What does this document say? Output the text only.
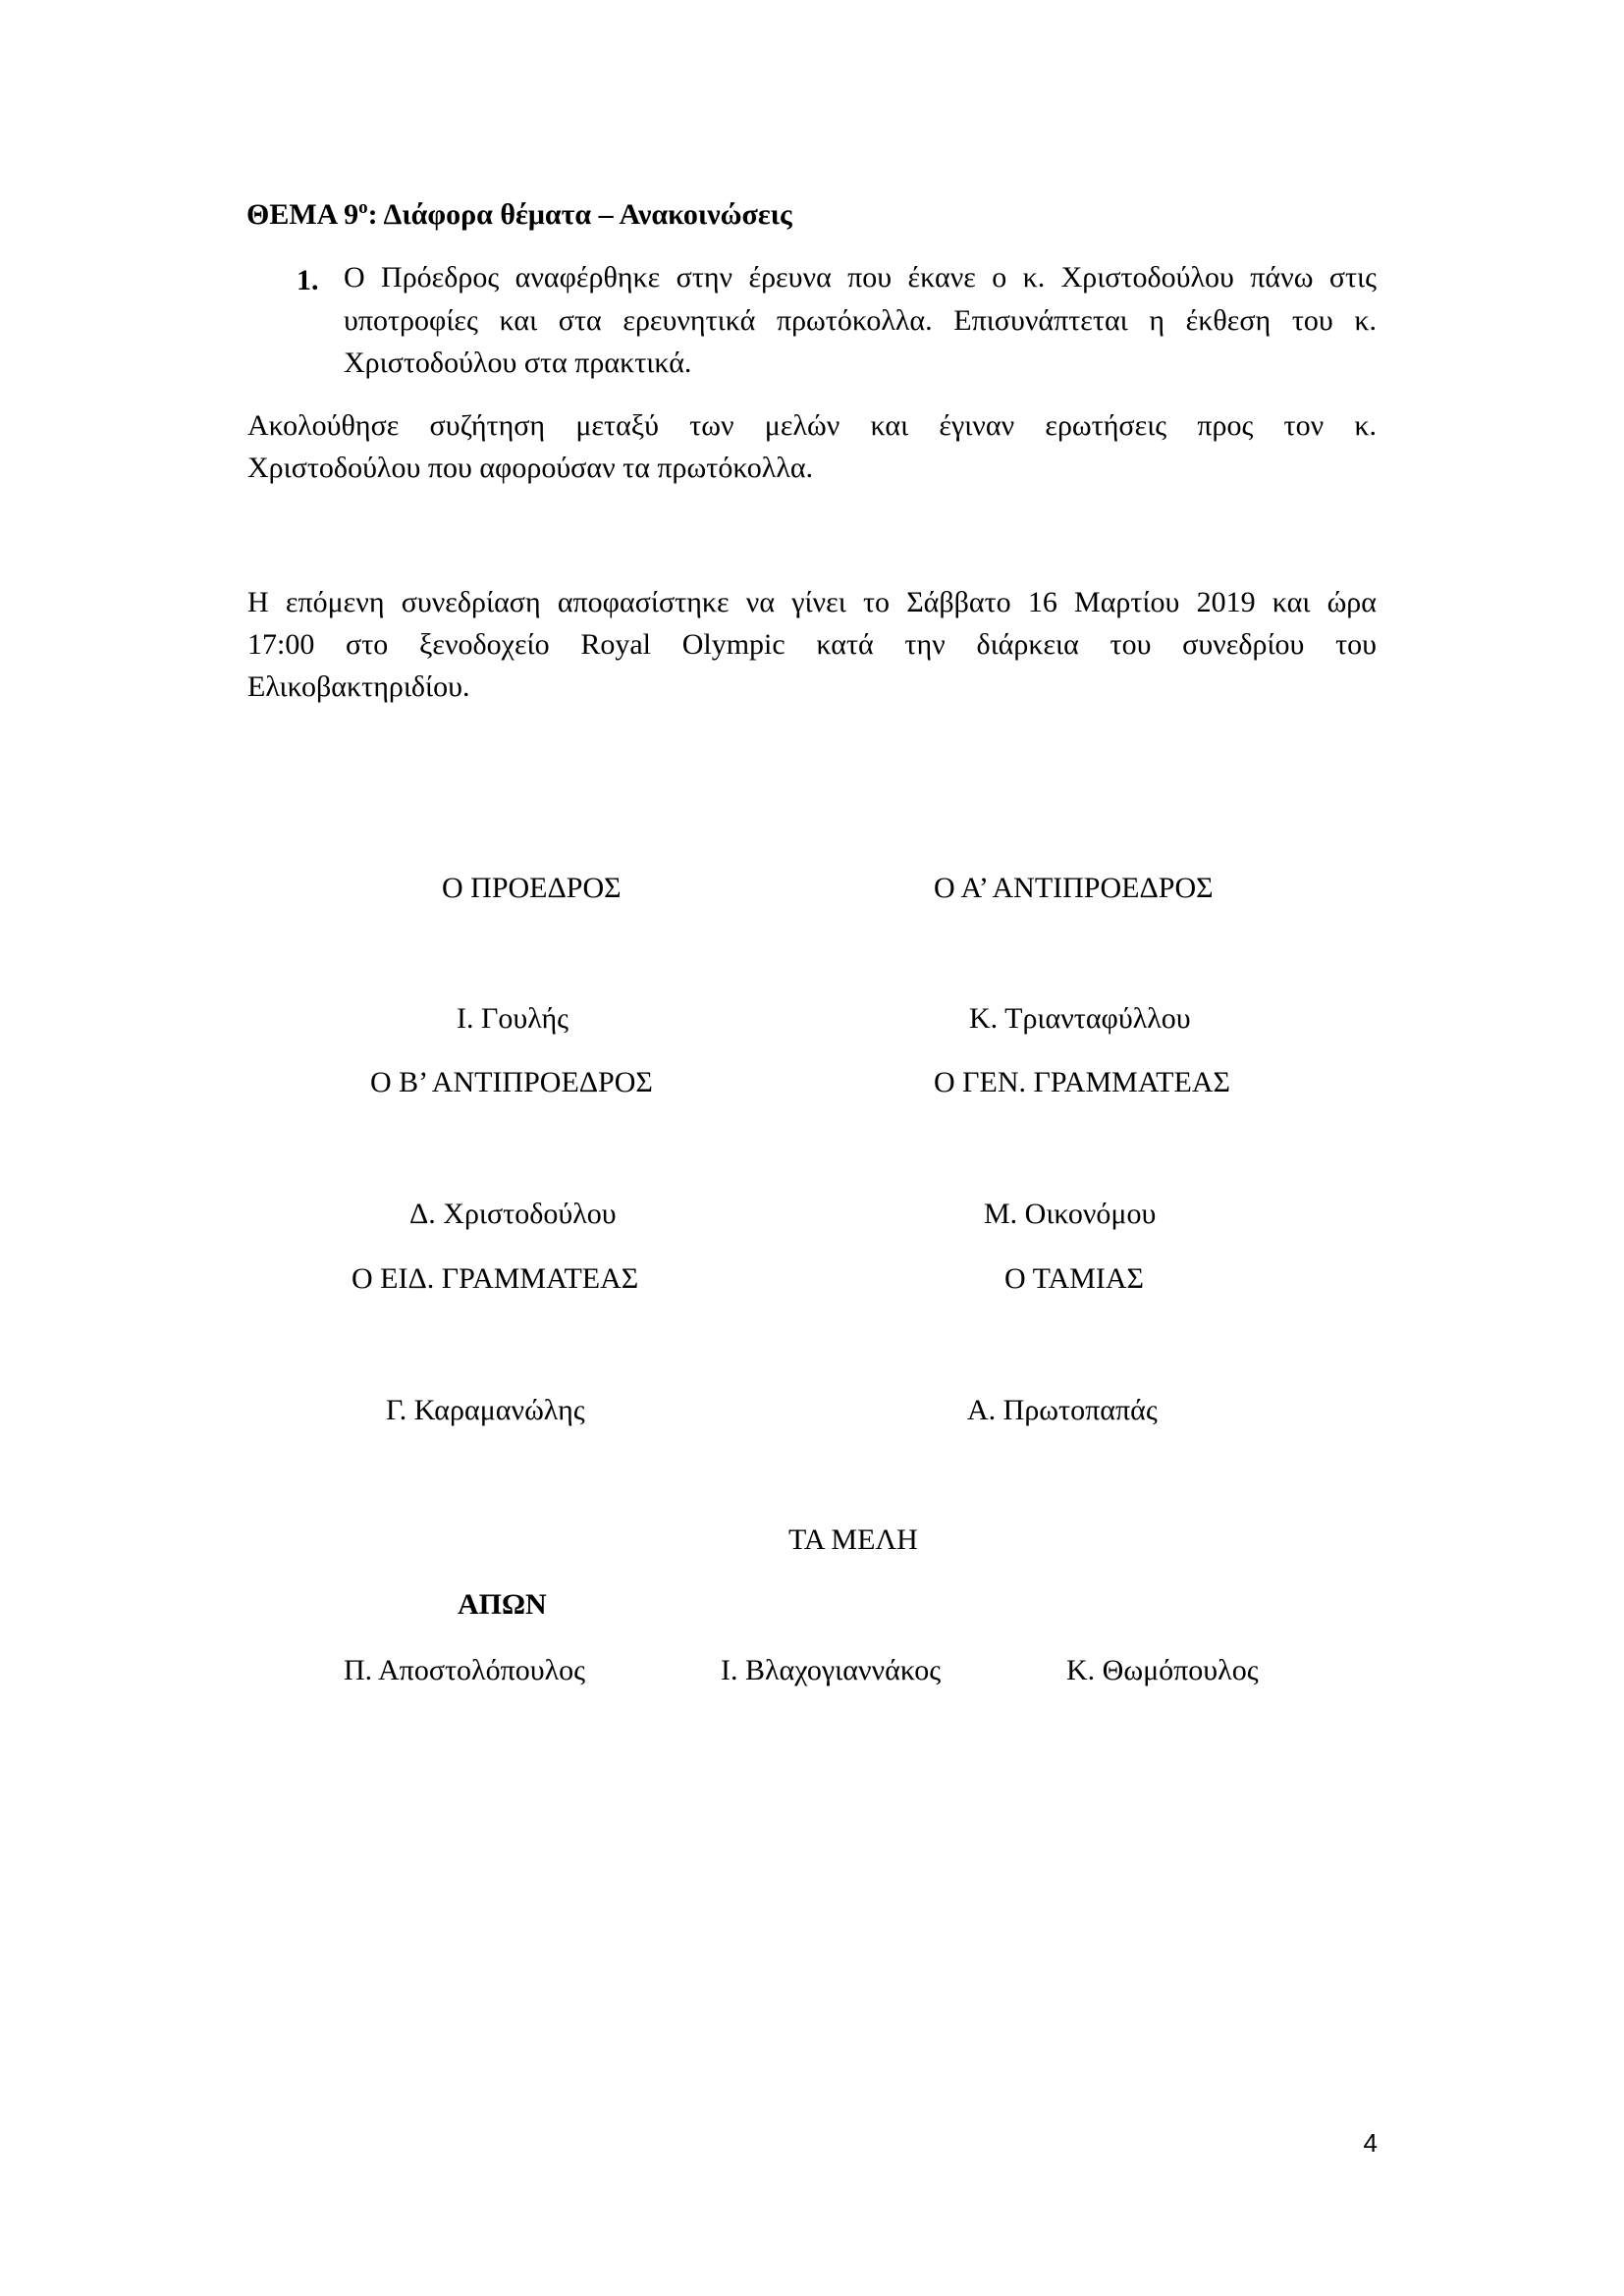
ΘΕΜΑ $9^o$: Διάφορα θέματα – Ανακοινώσεις
1. Ο Πρόεδρος αναφέρθηκε στην έρευνα που έκανε ο κ. Χριστοδούλου πάνω στις
υποτροφίες και στα ερευνητικά πρωτόκολλα. Επισυνάπτεται η έκθεση του κ.
Χριστοδούλου στα πρακτικά.
Ακολούθησε συζήτηση μεταξύ των μελών και έγιναν ερωτήσεις προς τον κ.
Χριστοδούλου που αφορούσαν τα πρωτόκολλα.
Η επόμενη συνεδρίαση αποφασίστηκε να γίνει το Σάββατο 16 Μαρτίου 2019 και ώρα
17:00 στο ξενοδοχείο Royal Olympic κατά την διάρκεια του συνεδρίου του
Ελικοβακτηριδίου.
Ο ΠΡΟΕΔΡΟΣ	Ο Α’ ΑΝΤΙΠΡΟΕΔΡΟΣ
Ι. Γουλής	Κ. Τριανταφύλλου
Ο Β’ ΑΝΤΙΠΡΟΕΔΡΟΣ	Ο ΓΕΝ. ΓΡΑΜΜΑΤΕΑΣ
Δ. Χριστοδούλου	Μ. Οικονόμου
Ο ΕΙΔ. ΓΡΑΜΜΑΤΕΑΣ	Ο ΤΑΜΙΑΣ
Γ. Καραμανώλης	Α. Πρωτοπαπάς
ΤΑ ΜΕΛΗ
ΑΠΩΝ
Π. Αποστολόπουλος	Ι. Βλαχογιαννάκος	Κ. Θωμόπουλος
4
